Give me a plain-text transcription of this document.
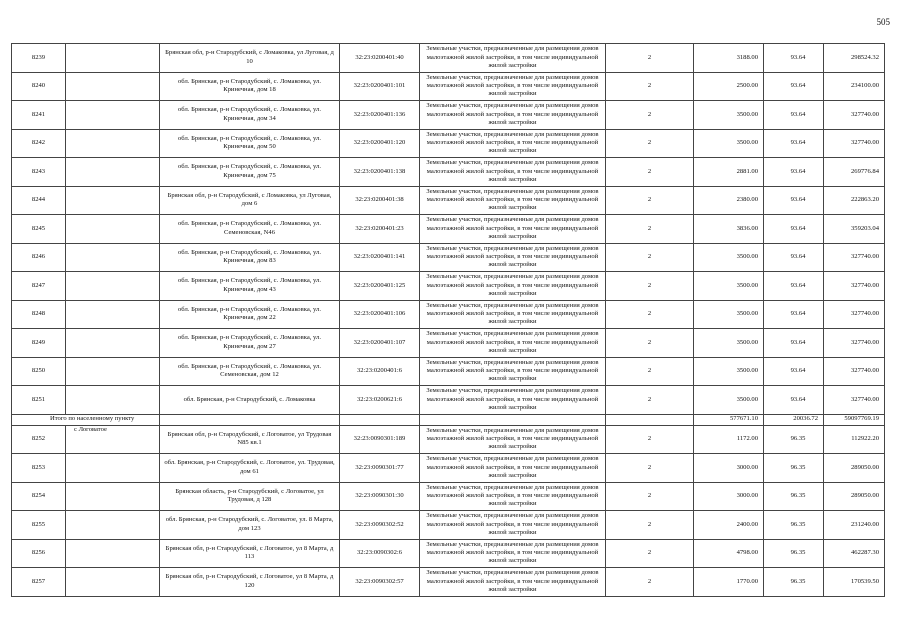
505
8239		Брянская обл, р-н Стародубский, с Ломаковка, ул Луговая, д 10	32:23:0200401:40	Земельные участки, предназначенные для размещения домов малоэтажной жилой застройки, в том числе индивидуальной жилой застройки	2	3188.00	93.64	298524.32
8240		обл. Брянская, р-н Стародубский, с. Ломаковка, ул. Кринечная, дом 18	32:23:0200401:101	Земельные участки, предназначенные для размещения домов малоэтажной жилой застройки, в том числе индивидуальной жилой застройки	2	2500.00	93.64	234100.00
8241		обл. Брянская, р-н Стародубский, с. Ломаковка, ул. Кринечная, дом 34	32:23:0200401:136	Земельные участки, предназначенные для размещения домов малоэтажной жилой застройки, в том числе индивидуальной жилой застройки	2	3500.00	93.64	327740.00
8242		обл. Брянская, р-н Стародубский, с. Ломаковка, ул. Кринечная, дом 50	32:23:0200401:120	Земельные участки, предназначенные для размещения домов малоэтажной жилой застройки, в том числе индивидуальной жилой застройки	2	3500.00	93.64	327740.00
8243		обл. Брянская, р-н Стародубский, с. Ломаковка, ул. Кринечная, дом 75	32:23:0200401:138	Земельные участки, предназначенные для размещения домов малоэтажной жилой застройки, в том числе индивидуальной жилой застройки	2	2881.00	93.64	269776.84
8244		Брянская обл, р-н Стародубский, с Ломаковка, ул Луговая, дом 6	32:23:0200401:38	Земельные участки, предназначенные для размещения домов малоэтажной жилой застройки, в том числе индивидуальной жилой застройки	2	2380.00	93.64	222863.20
8245		обл. Брянская, р-н Стародубский, с. Ломаковка, ул. Семеновская, N46	32:23:0200401:23	Земельные участки, предназначенные для размещения домов малоэтажной жилой застройки, в том числе индивидуальной жилой застройки	2	3836.00	93.64	359203.04
8246		обл. Брянская, р-н Стародубский, с. Ломаковка, ул. Кринечная, дом 83	32:23:0200401:141	Земельные участки, предназначенные для размещения домов малоэтажной жилой застройки, в том числе индивидуальной жилой застройки	2	3500.00	93.64	327740.00
8247		обл. Брянская, р-н Стародубский, с. Ломаковка, ул. Кринечная, дом 43	32:23:0200401:125	Земельные участки, предназначенные для размещения домов малоэтажной жилой застройки, в том числе индивидуальной жилой застройки	2	3500.00	93.64	327740.00
8248		обл. Брянская, р-н Стародубский, с. Ломаковка, ул. Кринечная, дом 22	32:23:0200401:106	Земельные участки, предназначенные для размещения домов малоэтажной жилой застройки, в том числе индивидуальной жилой застройки	2	3500.00	93.64	327740.00
8249		обл. Брянская, р-н Стародубский, с. Ломаковка, ул. Кринечная, дом 27	32:23:0200401:107	Земельные участки, предназначенные для размещения домов малоэтажной жилой застройки, в том числе индивидуальной жилой застройки	2	3500.00	93.64	327740.00
8250		обл. Брянская, р-н Стародубский, с. Ломаковка, ул. Семеновская, дом 12	32:23:0200401:6	Земельные участки, предназначенные для размещения домов малоэтажной жилой застройки, в том числе индивидуальной жилой застройки	2	3500.00	93.64	327740.00
8251		обл. Брянская, р-н Стародубский, с. Ломаковка	32:23:0200621:6	Земельные участки, предназначенные для размещения домов малоэтажной жилой застройки, в том числе индивидуальной жилой застройки	2	3500.00	93.64	327740.00
Итого по населенному пункту						577671.10	20036.72	59097769.19
8252	с Логоватое	Брянская обл, р-н Стародубский, с Логоватое, ул Трудовая N85 кв.1	32:23:0090301:189	Земельные участки, предназначенные для размещения домов малоэтажной жилой застройки, в том числе индивидуальной жилой застройки	2	1172.00	96.35	112922.20
8253		обл. Брянская, р-н Стародубский, с. Логоватое, ул. Трудовая, дом 61	32:23:0090301:77	Земельные участки, предназначенные для размещения домов малоэтажной жилой застройки, в том числе индивидуальной жилой застройки	2	3000.00	96.35	289050.00
8254		Брянская область, р-н Стародубский, с Логоватое, ул Трудовая, д 128	32:23:0090301:30	Земельные участки, предназначенные для размещения домов малоэтажной жилой застройки, в том числе индивидуальной жилой застройки	2	3000.00	96.35	289050.00
8255		обл. Брянская, р-н Стародубский, с. Логоватое, ул. 8 Марта, дом 123	32:23:0090302:52	Земельные участки, предназначенные для размещения домов малоэтажной жилой застройки, в том числе индивидуальной жилой застройки	2	2400.00	96.35	231240.00
8256		Брянская обл, р-н Стародубский, с Логоватое, ул 8 Марта, д 113	32:23:0090302:6	Земельные участки, предназначенные для размещения домов малоэтажной жилой застройки, в том числе индивидуальной жилой застройки	2	4798.00	96.35	462287.30
8257		Брянская обл, р-н Стародубский, с Логоватое, ул 8 Марта, д 120	32:23:0090302:57	Земельные участки, предназначенные для размещения домов малоэтажной жилой застройки, в том числе индивидуальной жилой застройки	2	1770.00	96.35	170539.50
